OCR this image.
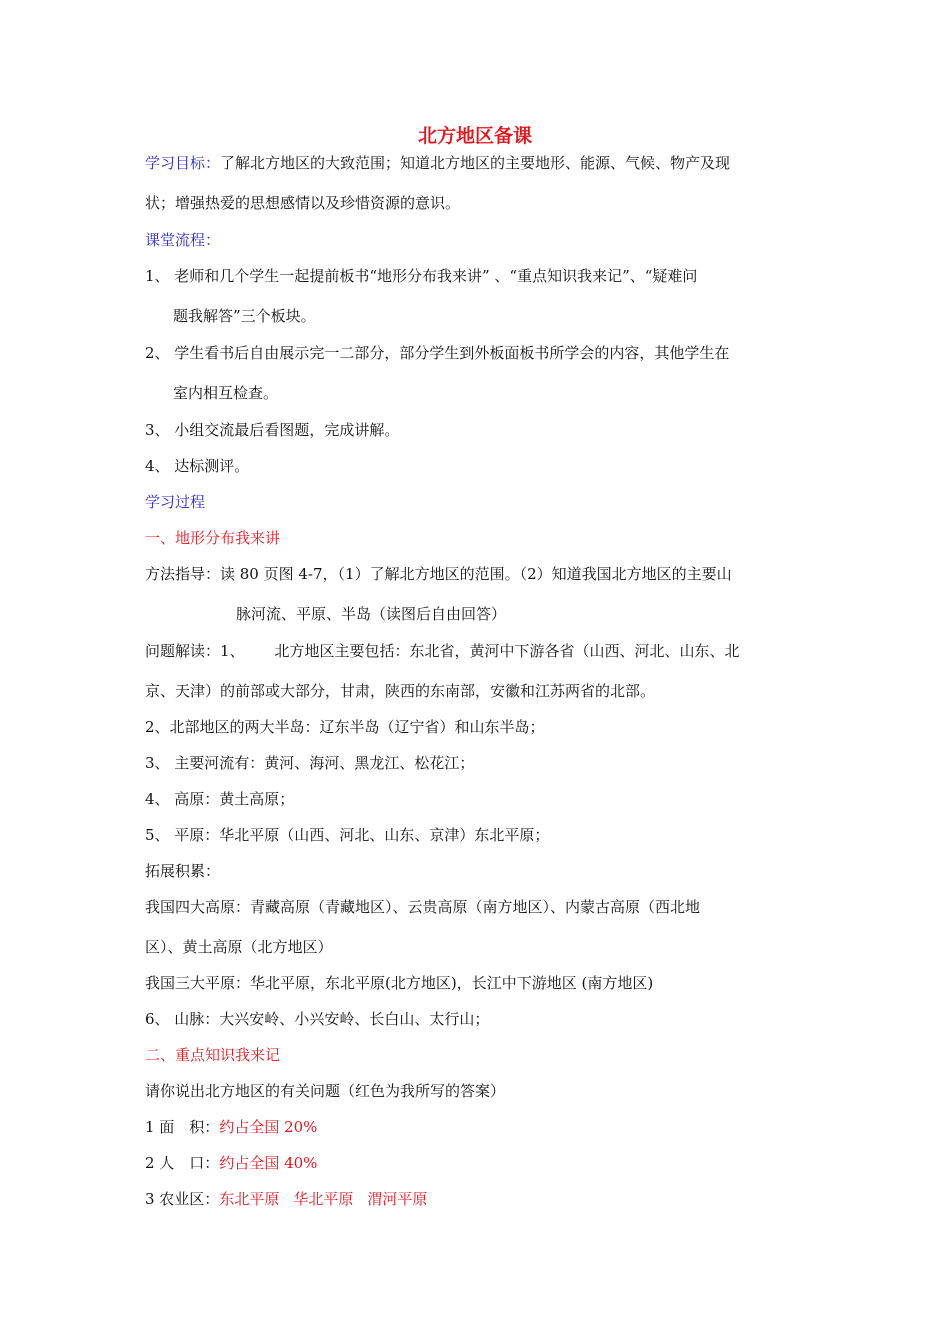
北方地区备课
学习目标：了解北方地区的大致范围；知道北方地区的主要地形、能源、气候、物产及现
状；增强热爱的思想感情以及珍惜资源的意识。
课堂流程：
1、 老师和几个学生一起提前板书“地形分布我来讲” 、“重点知识我来记”、“疑难问
题我解答”三个板块。
2、 学生看书后自由展示完一二部分，部分学生到外板面板书所学会的内容，其他学生在
室内相互检查。
3、 小组交流最后看图题，完成讲解。
4、 达标测评。
学习过程
一、地形分布我来讲
方法指导：读 80 页图 4-7，（1）了解北方地区的范围。（2）知道我国北方地区的主要山
脉河流、平原、半岛（读图后自由回答）
问题解读：1、 北方地区主要包括：东北省，黄河中下游各省（山西、河北、山东、北
京、天津）的前部或大部分，甘肃，陕西的东南部，安徽和江苏两省的北部。
2、北部地区的两大半岛：辽东半岛（辽宁省）和山东半岛；
3、 主要河流有：黄河、海河、黑龙江、松花江；
4、 高原：黄土高原；
5、 平原：华北平原（山西、河北、山东、京津）东北平原；
拓展积累：
我国四大高原：青藏高原（青藏地区）、云贵高原（南方地区）、内蒙古高原（西北地
区）、黄土高原（北方地区）
我国三大平原：华北平原，东北平原(北方地区)，长江中下游地区 (南方地区)
6、 山脉：大兴安岭、小兴安岭、长白山、太行山；
二、重点知识我来记
请你说出北方地区的有关问题（红色为我所写的答案）
1 面　积：约占全国 20%
2 人　口：约占全国 40%
3 农业区：东北平原 华北平原 渭河平原
